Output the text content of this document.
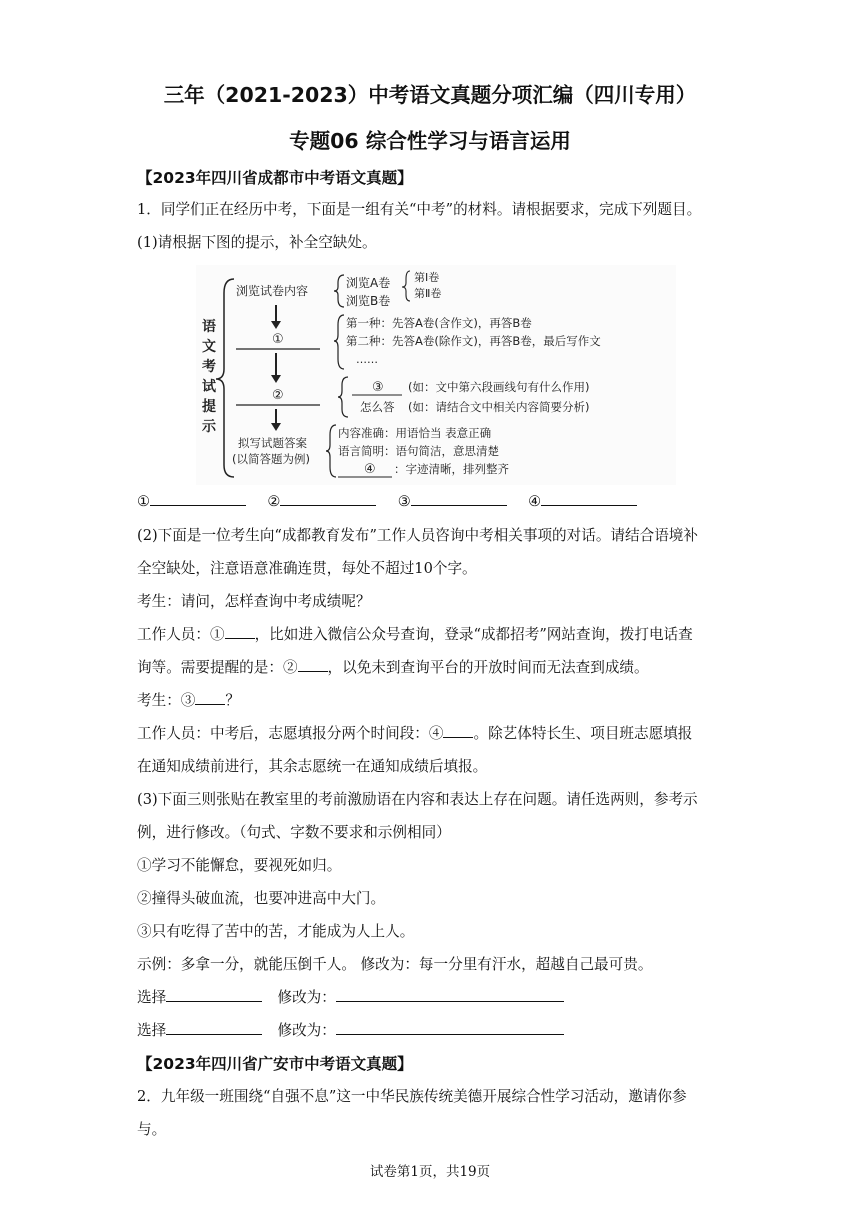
三年（2021-2023）中考语文真题分项汇编（四川专用）
专题06 综合性学习与语言运用
【2023年四川省成都市中考语文真题】
1．同学们正在经历中考，下面是一组有关“中考”的材料。请根据要求，完成下列题目。
(1)请根据下图的提示，补全空缺处。
语
文
考
试
提
示
浏览试卷内容
浏览A卷
浏览B卷
第Ⅰ卷
第Ⅱ卷
①
第一种：先答A卷(含作文)，再答B卷
第二种：先答A卷(除作文)，再答B卷，最后写作文
……
②
③ (如：文中第六段画线句有什么作用)
怎么答 (如：请结合文中相关内容简要分析)
拟写试题答案
(以简答题为例)
内容准确：用语恰当 表意正确
语言简明：语句简洁，意思清楚
④ ：字迹清晰，排列整齐
①	②	③	④
(2)下面是一位考生向“成都教育发布”工作人员咨询中考相关事项的对话。请结合语境补
全空缺处，注意语意准确连贯，每处不超过10个字。
考生：请问，怎样查询中考成绩呢？
工作人员：① ，比如进入微信公众号查询，登录“成都招考”网站查询，拨打电话查
询等。需要提醒的是：② ，以免未到查询平台的开放时间而无法查到成绩。
考生：③ ？
工作人员：中考后，志愿填报分两个时间段：④ 。除艺体特长生、项目班志愿填报
在通知成绩前进行，其余志愿统一在通知成绩后填报。
(3)下面三则张贴在教室里的考前激励语在内容和表达上存在问题。请任选两则，参考示
例，进行修改。（句式、字数不要求和示例相同）
①学习不能懈怠，要视死如归。
②撞得头破血流，也要冲进高中大门。
③只有吃得了苦中的苦，才能成为人上人。
示例：多拿一分，就能压倒千人。 修改为：每一分里有汗水，超越自己最可贵。
选择	修改为：
选择	修改为：
【2023年四川省广安市中考语文真题】
2．九年级一班围绕“自强不息”这一中华民族传统美德开展综合性学习活动，邀请你参
与。
试卷第1页，共19页
